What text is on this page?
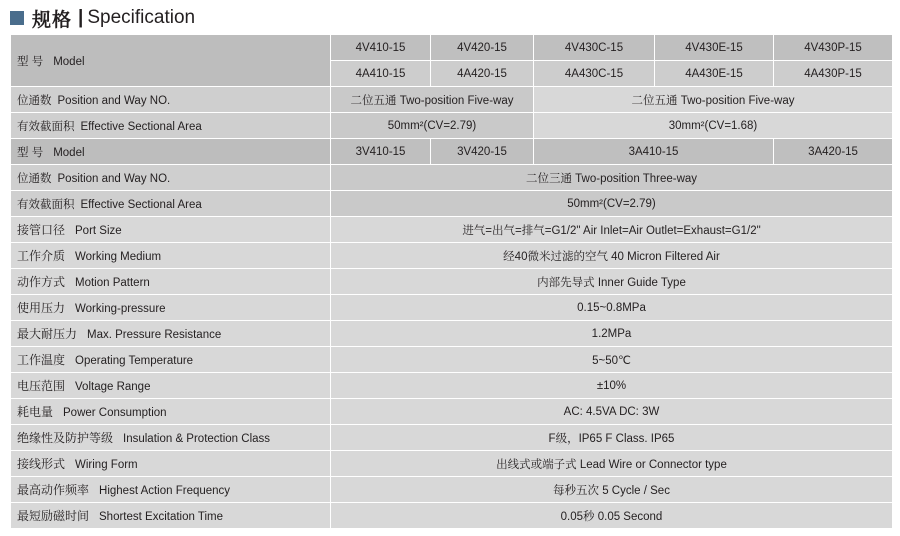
规格 | Specification
型 号 Model	4V410-15	4V420-15	4V430C-15	4V430E-15	4V430P-15
	4A410-15	4A420-15	4A430C-15	4A430E-15	4A430P-15
位通数 Position and Way NO.	二位五通 Two-position Five-way		二位五通 Two-position Five-way		
有效截面积 Effective Sectional Area	50mm²(CV=2.79)		30mm²(CV=1.68)		
型 号 Model	3V410-15	3V420-15	3A410-15		3A420-15
位通数 Position and Way NO.	二位三通 Two-position Three-way				
有效截面积 Effective Sectional Area	50mm²(CV=2.79)				
接管口径 Port Size	进气=出气=排气=G1/2" Air Inlet=Air Outlet=Exhaust=G1/2"				
工作介质 Working Medium	经40微米过滤的空气 40 Micron Filtered Air				
动作方式 Motion Pattern	内部先导式 Inner Guide Type				
使用压力 Working-pressure	0.15~0.8MPa				
最大耐压力 Max. Pressure Resistance	1.2MPa				
工作温度 Operating Temperature	5~50℃				
电压范围 Voltage Range	±10%				
耗电量 Power Consumption	AC: 4.5VA DC: 3W				
绝缘性及防护等级 Insulation & Protection Class	F级，IP65 F Class. IP65				
接线形式 Wiring Form	出线式或端子式 Lead Wire or Connector type				
最高动作频率 Highest Action Frequency	每秒五次 5 Cycle / Sec				
最短励磁时间 Shortest Excitation Time	0.05秒 0.05 Second				
